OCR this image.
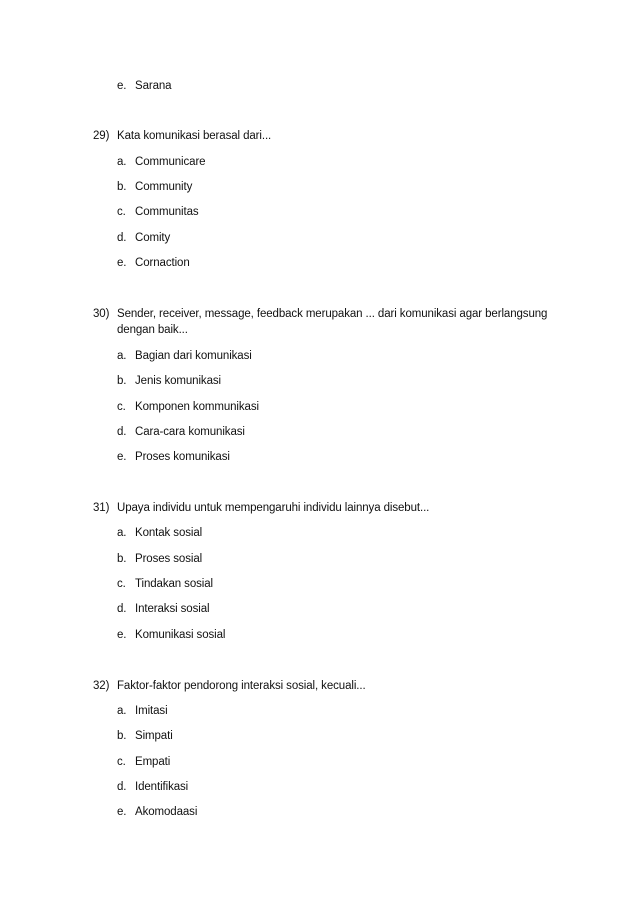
e. Sarana
29) Kata komunikasi berasal dari...
a. Communicare
b. Community
c. Communitas
d. Comity
e. Cornaction
30) Sender, receiver, message, feedback merupakan ... dari komunikasi agar berlangsung
dengan baik...
a. Bagian dari komunikasi
b. Jenis komunikasi
c. Komponen kommunikasi
d. Cara-cara komunikasi
e. Proses komunikasi
31) Upaya individu untuk mempengaruhi individu lainnya disebut...
a. Kontak sosial
b. Proses sosial
c. Tindakan sosial
d. Interaksi sosial
e. Komunikasi sosial
32) Faktor-faktor pendorong interaksi sosial, kecuali...
a. Imitasi
b. Simpati
c. Empati
d. Identifikasi
e. Akomodaasi
